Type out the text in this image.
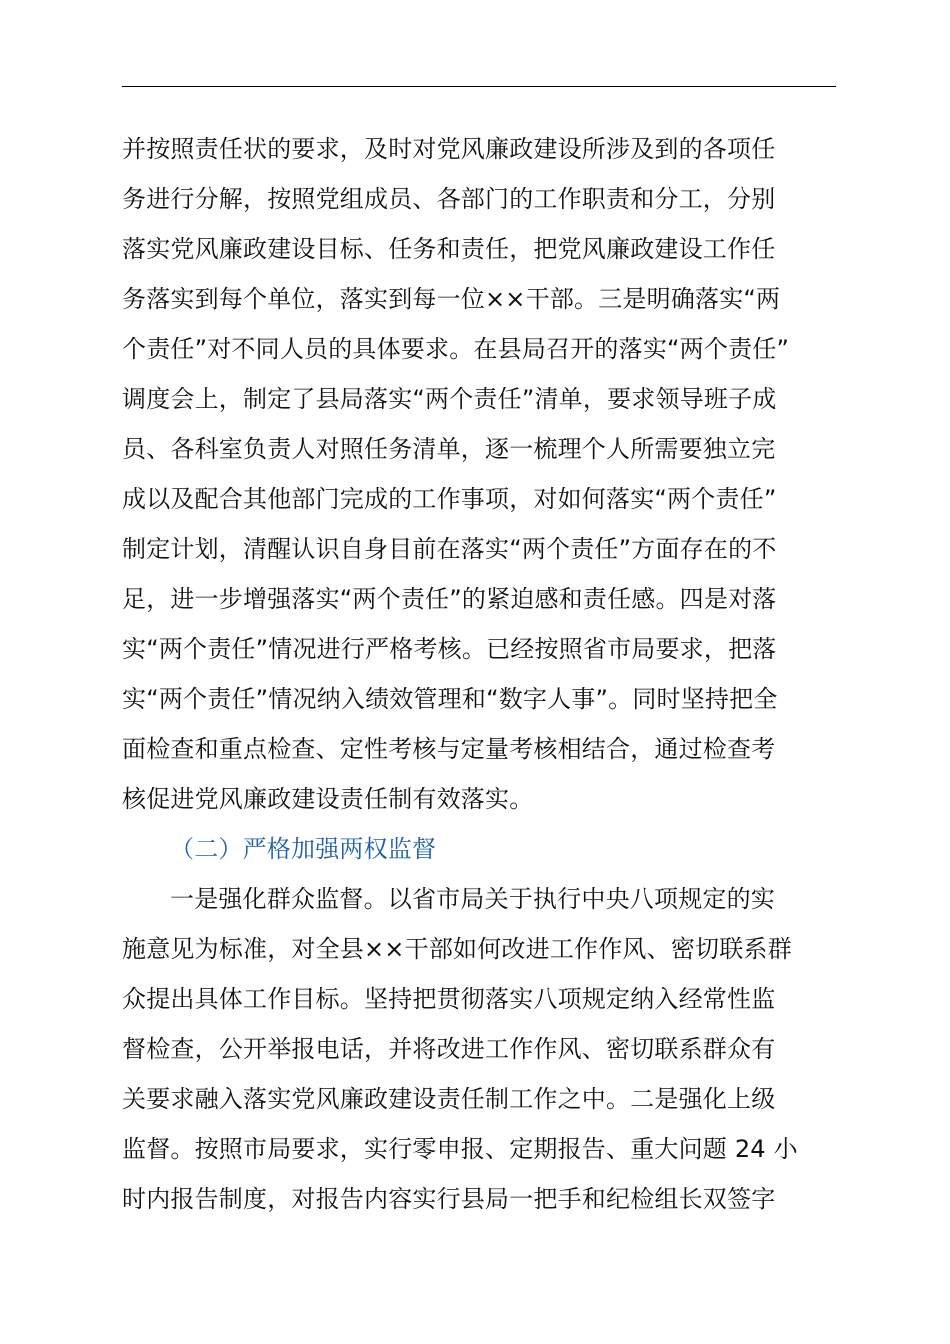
并按照责任状的要求，及时对党风廉政建设所涉及到的各项任
务进行分解，按照党组成员、各部门的工作职责和分工，分别
落实党风廉政建设目标、任务和责任，把党风廉政建设工作任
务落实到每个单位，落实到每一位××干部。三是明确落实“两
个责任”对不同人员的具体要求。在县局召开的落实“两个责任”
调度会上，制定了县局落实“两个责任”清单，要求领导班子成
员、各科室负责人对照任务清单，逐一梳理个人所需要独立完
成以及配合其他部门完成的工作事项，对如何落实“两个责任”
制定计划，清醒认识自身目前在落实“两个责任”方面存在的不
足，进一步增强落实“两个责任”的紧迫感和责任感。四是对落
实“两个责任”情况进行严格考核。已经按照省市局要求，把落
实“两个责任”情况纳入绩效管理和“数字人事”。同时坚持把全
面检查和重点检查、定性考核与定量考核相结合，通过检查考
核促进党风廉政建设责任制有效落实。
（二）严格加强两权监督
一是强化群众监督。以省市局关于执行中央八项规定的实
施意见为标准，对全县××干部如何改进工作作风、密切联系群
众提出具体工作目标。坚持把贯彻落实八项规定纳入经常性监
督检查，公开举报电话，并将改进工作作风、密切联系群众有
关要求融入落实党风廉政建设责任制工作之中。二是强化上级
监督。按照市局要求，实行零申报、定期报告、重大问题 24 小
时内报告制度，对报告内容实行县局一把手和纪检组长双签字
